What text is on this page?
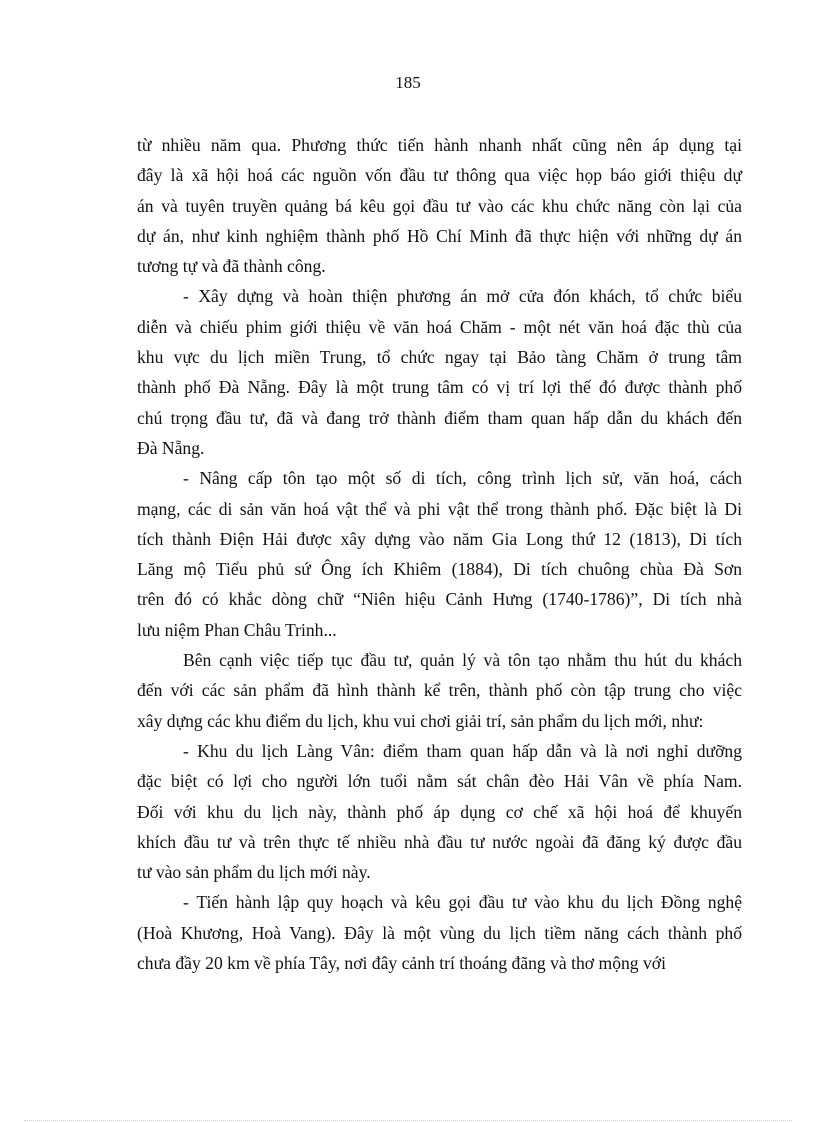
185
từ nhiều năm qua. Phương thức tiến hành nhanh nhất cũng nên áp dụng tại
đây là xã hội hoá các nguồn vốn đầu tư thông qua việc họp báo giới thiệu dự
án và tuyên truyền quảng bá kêu gọi đầu tư vào các khu chức năng còn lại của
dự án, như kinh nghiệm thành phố Hồ Chí Minh đã thực hiện với những dự án
tương tự và đã thành công.
- Xây dựng và hoàn thiện phương án mở cửa đón khách, tổ chức biểu
diễn và chiếu phim giới thiệu về văn hoá Chăm - một nét văn hoá đặc thù của
khu vực du lịch miền Trung, tổ chức ngay tại Bảo tàng Chăm ở trung tâm
thành phố Đà Nẵng. Đây là một trung tâm có vị trí lợi thế đó được thành phố
chú trọng đầu tư, đã và đang trở thành điểm tham quan hấp dẫn du khách đến
Đà Nẵng.
- Nâng cấp tôn tạo một số di tích, công trình lịch sử, văn hoá, cách
mạng, các di sản văn hoá vật thể và phi vật thể trong thành phố. Đặc biệt là Di
tích thành Điện Hải được xây dựng vào năm Gia Long thứ 12 (1813), Di tích
Lăng mộ Tiểu phủ sứ Ông ích Khiêm (1884), Di tích chuông chùa Đà Sơn
trên đó có khắc dòng chữ “Niên hiệu Cảnh Hưng (1740-1786)”, Di tích nhà
lưu niệm Phan Châu Trinh...
Bên cạnh việc tiếp tục đầu tư, quản lý và tôn tạo nhằm thu hút du khách
đến với các sản phẩm đã hình thành kể trên, thành phố còn tập trung cho việc
xây dựng các khu điểm du lịch, khu vui chơi giải trí, sản phẩm du lịch mới, như:
- Khu du lịch Làng Vân: điểm tham quan hấp dẫn và là nơi nghỉ dưỡng
đặc biệt có lợi cho người lớn tuổi nằm sát chân đèo Hải Vân về phía Nam.
Đối với khu du lịch này, thành phố áp dụng cơ chế xã hội hoá để khuyến
khích đầu tư và trên thực tế nhiều nhà đầu tư nước ngoài đã đăng ký được đầu
tư vào sản phẩm du lịch mới này.
- Tiến hành lập quy hoạch và kêu gọi đầu tư vào khu du lịch Đồng nghệ
(Hoà Khương, Hoà Vang). Đây là một vùng du lịch tiềm năng cách thành phố
chưa đầy 20 km về phía Tây, nơi đây cảnh trí thoáng đãng và thơ mộng với
